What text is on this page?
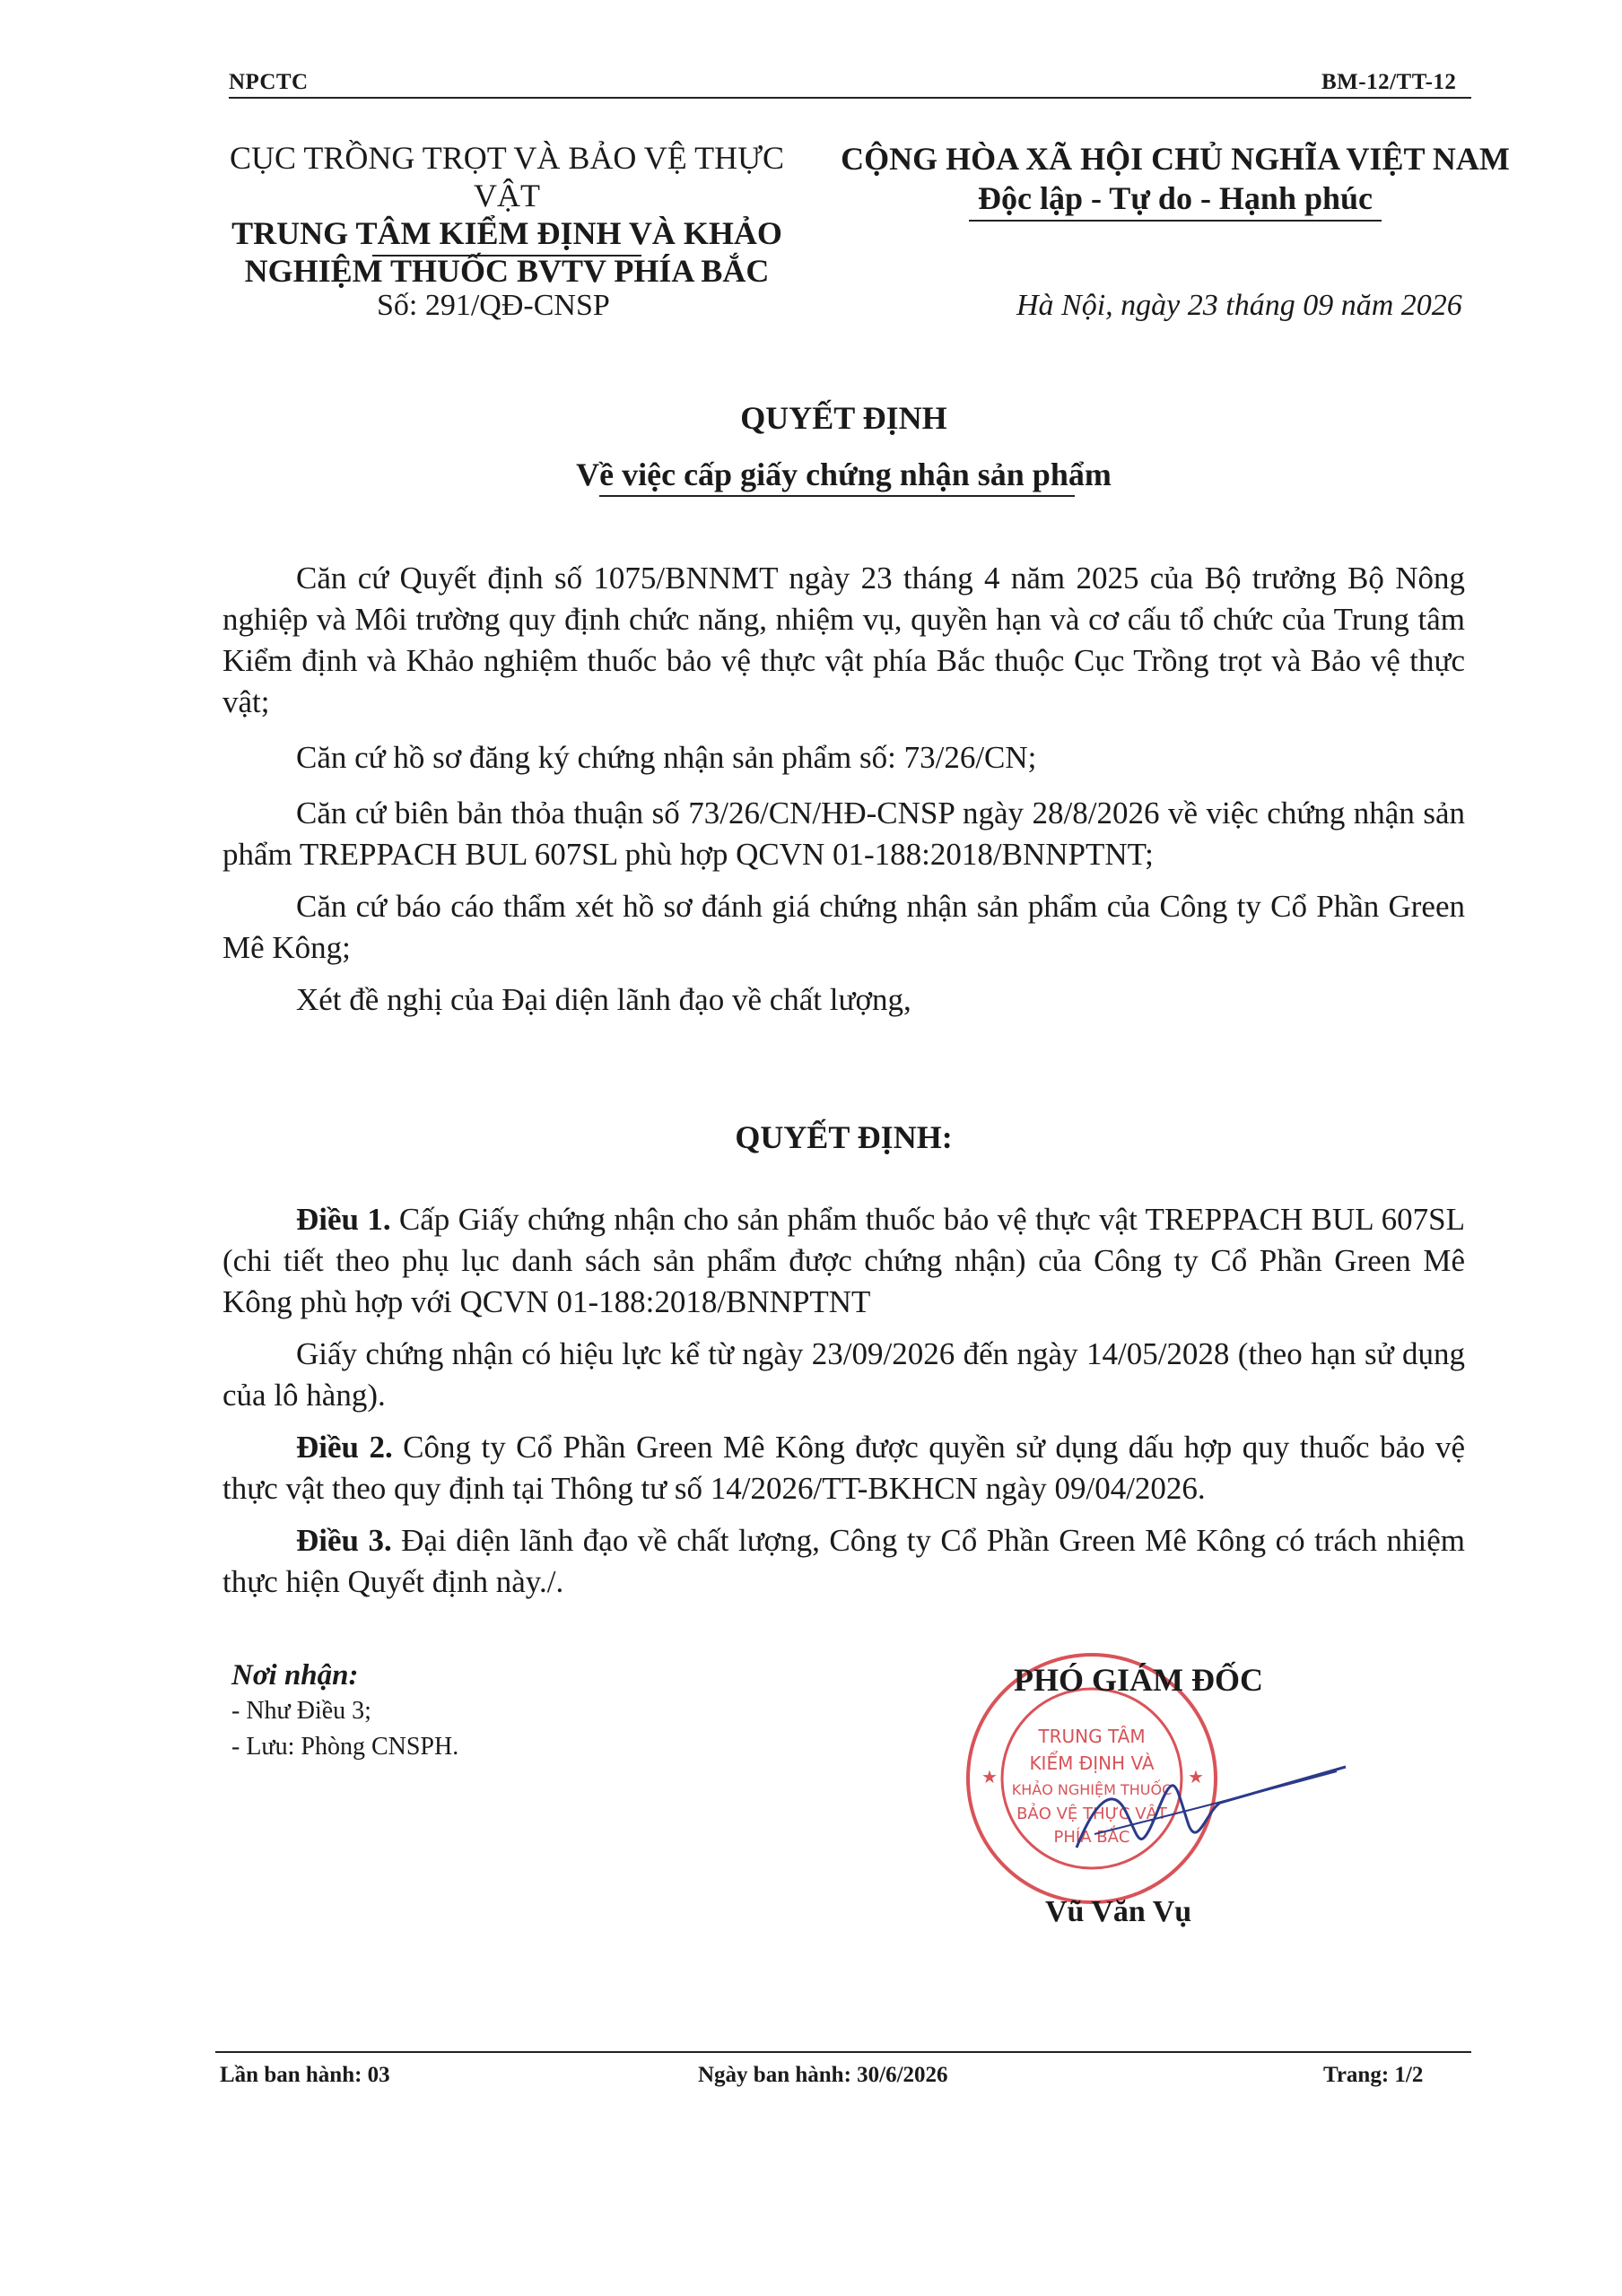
NPCTC	BM-12/TT-12
CỤC TRỒNG TRỌT VÀ BẢO VỆ THỰC VẬT
TRUNG TÂM KIỂM ĐỊNH VÀ KHẢO
NGHIỆM THUỐC BVTV PHÍA BẮC
Số: 291/QĐ-CNSP
CỘNG HÒA XÃ HỘI CHỦ NGHĨA VIỆT NAM
Độc lập - Tự do - Hạnh phúc
Hà Nội, ngày 23 tháng 09 năm 2026
QUYẾT ĐỊNH
Về việc cấp giấy chứng nhận sản phẩm

Căn cứ Quyết định số 1075/BNNMT ngày 23 tháng 4 năm 2025 của Bộ trưởng Bộ Nông nghiệp và Môi trường quy định chức năng, nhiệm vụ, quyền hạn và cơ cấu tổ chức của Trung tâm Kiểm định và Khảo nghiệm thuốc bảo vệ thực vật phía Bắc thuộc Cục Trồng trọt và Bảo vệ thực vật;

Căn cứ hồ sơ đăng ký chứng nhận sản phẩm số: 73/26/CN;

Căn cứ biên bản thỏa thuận số 73/26/CN/HĐ-CNSP ngày 28/8/2026 về việc chứng nhận sản phẩm TREPPACH BUL 607SL phù hợp QCVN 01-188:2018/BNNPTNT;

Căn cứ báo cáo thẩm xét hồ sơ đánh giá chứng nhận sản phẩm của Công ty Cổ Phần Green Mê Kông;

Xét đề nghị của Đại diện lãnh đạo về chất lượng,

QUYẾT ĐỊNH:

Điều 1. Cấp Giấy chứng nhận cho sản phẩm thuốc bảo vệ thực vật TREPPACH BUL 607SL (chi tiết theo phụ lục danh sách sản phẩm được chứng nhận) của Công ty Cổ Phần Green Mê Kông phù hợp với QCVN 01-188:2018/BNNPTNT

Giấy chứng nhận có hiệu lực kể từ ngày 23/09/2026 đến ngày 14/05/2028 (theo hạn sử dụng của lô hàng).

Điều 2. Công ty Cổ Phần Green Mê Kông được quyền sử dụng dấu hợp quy thuốc bảo vệ thực vật theo quy định tại Thông tư số 14/2026/TT-BKHCN ngày 09/04/2026.

Điều 3. Đại diện lãnh đạo về chất lượng, Công ty Cổ Phần Green Mê Kông có trách nhiệm thực hiện Quyết định này./.

Nơi nhận:
- Như Điều 3;
- Lưu: Phòng CNSPH.	TRUNG TÂM
KIỂM ĐỊNH VÀ
KHẢO NGHIỆM THUỐC
BẢO VỆ THỰC VẬT
PHÍA BẮC
★	★
PHÓ GIÁM ĐỐC
Vũ Văn Vụ
Lần ban hành: 03	Ngày ban hành: 30/6/2026	Trang: 1/2
